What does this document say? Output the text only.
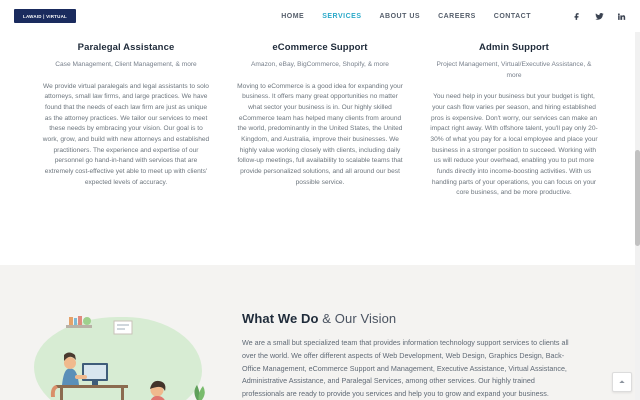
LAWAID | VIRTUAL	HOME	SERVICES	ABOUT US	CAREERS	CONTACT
Paralegal Assistance
Case Management, Client Management, & more
We provide virtual paralegals and legal assistants to solo attorneys, small law firms, and large practices. We have found that the needs of each law firm are just as unique as the attorney practices. We tailor our services to meet these needs by embracing your vision. Our goal is to work, grow, and build with new attorneys and established practitioners. The experience and expertise of our personnel go hand-in-hand with services that are extremely cost-effective yet able to meet up with clients' expected levels of accuracy.
eCommerce Support
Amazon, eBay, BigCommerce, Shopify, & more
Moving to eCommerce is a good idea for expanding your business. It offers many great opportunities no matter what sector your business is in. Our highly skilled eCommerce team has helped many clients from around the world, predominantly in the United States, the United Kingdom, and Australia, improve their businesses. We highly value working closely with clients, including daily follow-up meetings, full availability to scalable teams that provide personalized solutions, and all around our best possible service.
Admin Support
Project Management, Virtual/Executive Assistance, & more
You need help in your business but your budget is tight, your cash flow varies per season, and hiring established pros is expensive. Don't worry, our services can make an impact right away. With offshore talent, you'll pay only 20-30% of what you pay for a local employee and place your business in a stronger position to succeed. Working with us will reduce your overhead, enabling you to put more funds directly into income-boosting activities. With us handling parts of your operations, you can focus on your core business, and be more productive.
What We Do & Our Vision
We are a small but specialized team that provides information technology support services to clients all over the world. We offer different aspects of Web Development, Web Design, Graphics Design, Back-Office Management, eCommerce Support and Management, Executive Assistance, Virtual Assistance, Administrative Assistance, and Paralegal Services, among other services. Our highly trained professionals are ready to provide you services and help you to grow and expand your business.
